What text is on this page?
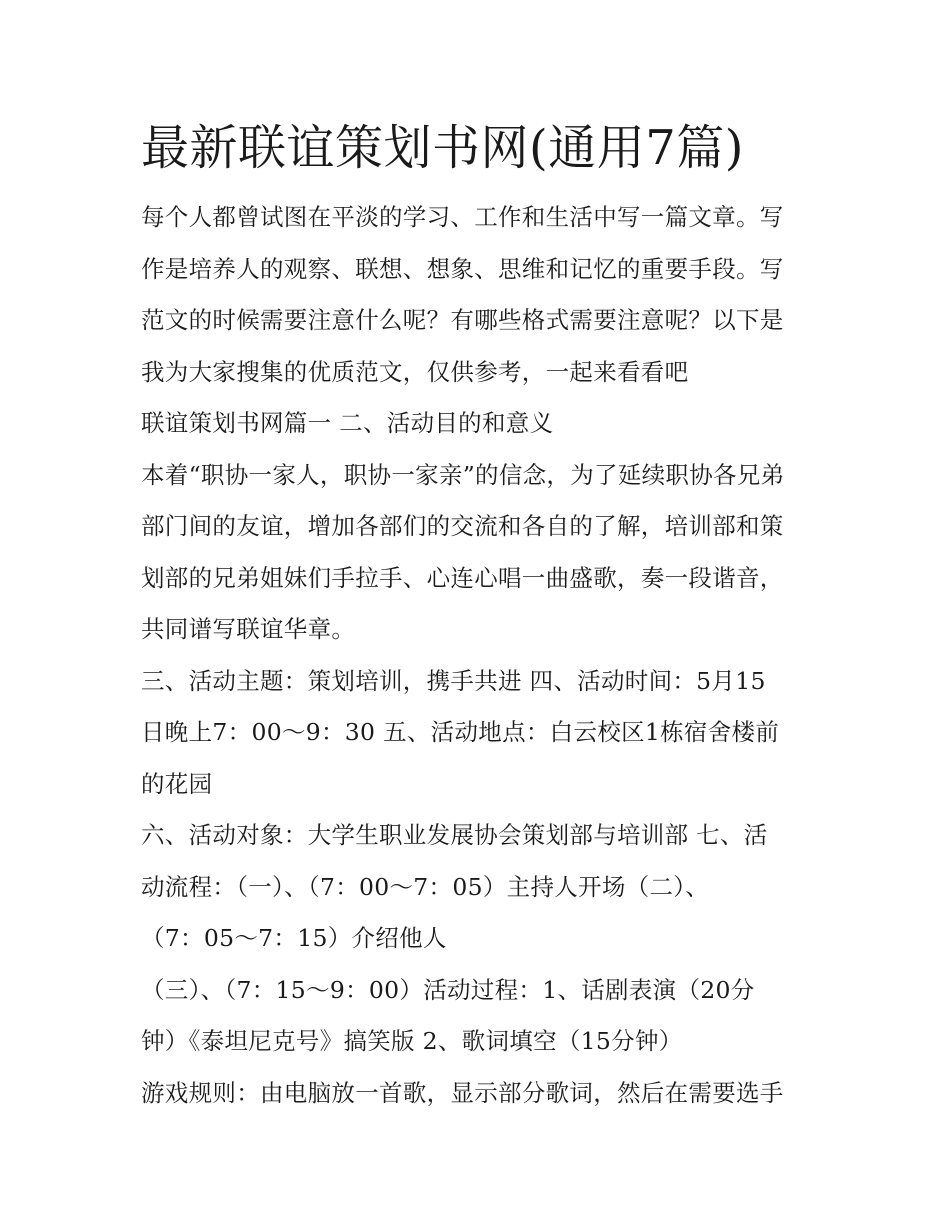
最新联谊策划书网(通用7篇)
每个人都曾试图在平淡的学习、工作和生活中写一篇文章。写
作是培养人的观察、联想、想象、思维和记忆的重要手段。写
范文的时候需要注意什么呢？有哪些格式需要注意呢？以下是
我为大家搜集的优质范文，仅供参考，一起来看看吧
联谊策划书网篇一 二、活动目的和意义
本着“职协一家人，职协一家亲”的信念，为了延续职协各兄弟
部门间的友谊，增加各部们的交流和各自的了解，培训部和策
划部的兄弟姐妹们手拉手、心连心唱一曲盛歌，奏一段谐音，
共同谱写联谊华章。
三、活动主题：策划培训，携手共进 四、活动时间：5月15
日晚上7：00～9：30 五、活动地点：白云校区1栋宿舍楼前
的花园
六、活动对象：大学生职业发展协会策划部与培训部 七、活
动流程：（一）、（7：00～7：05）主持人开场（二）、
（7：05～7：15）介绍他人
（三）、（7：15～9：00）活动过程：1、话剧表演（20分
钟）《泰坦尼克号》搞笑版 2、歌词填空（15分钟）
游戏规则：由电脑放一首歌，显示部分歌词，然后在需要选手
